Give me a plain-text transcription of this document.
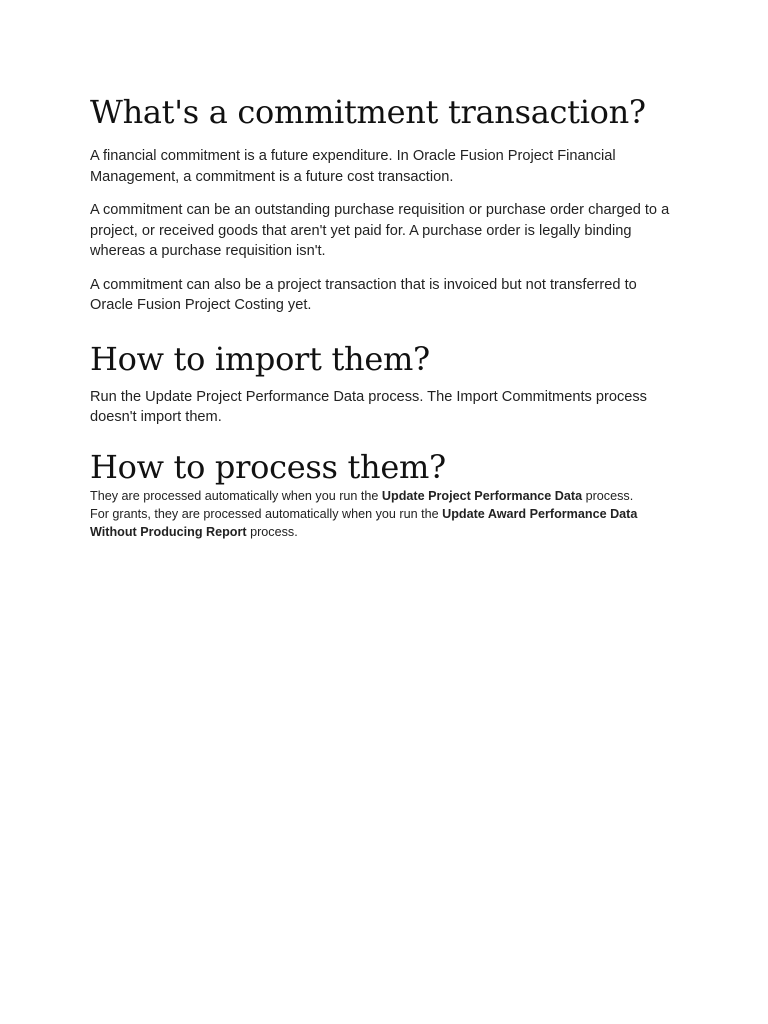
What's a commitment transaction?

A financial commitment is a future expenditure. In Oracle Fusion Project Financial Management, a commitment is a future cost transaction.

A commitment can be an outstanding purchase requisition or purchase order charged to a project, or received goods that aren't yet paid for. A purchase order is legally binding whereas a purchase requisition isn't.

A commitment can also be a project transaction that is invoiced but not transferred to Oracle Fusion Project Costing yet.

How to import them?

Run the Update Project Performance Data process. The Import Commitments process doesn't import them.

How to process them?

They are processed automatically when you run the Update Project Performance Data process.
For grants, they are processed automatically when you run the Update Award Performance Data Without Producing Report process.
